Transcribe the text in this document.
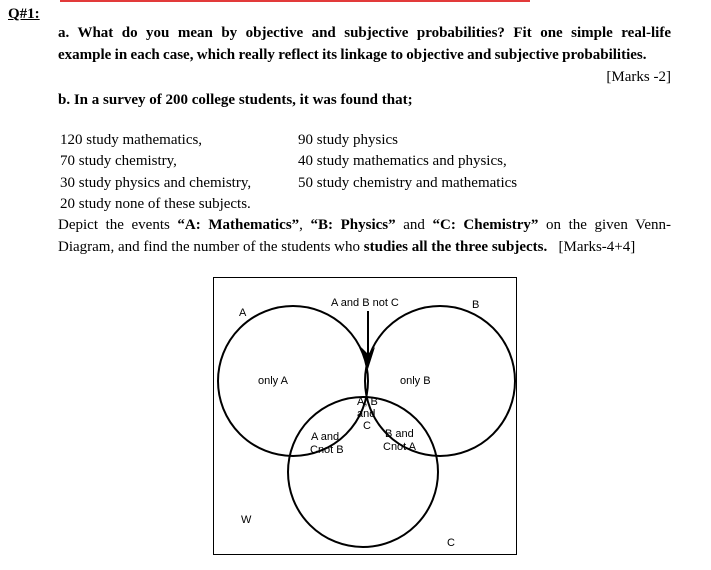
Q#1:
a. What do you mean by objective and subjective probabilities? Fit one simple real-life
example in each case, which really reflect its linkage to objective and subjective probabilities.
[Marks -2]
b. In a survey of 200 college students, it was found that;
120 study mathematics,
70 study chemistry,
30 study physics and chemistry,
20 study none of these subjects.
90 study physics
40 study mathematics and physics,
50 study chemistry and mathematics
Depict the events “A: Mathematics”, “B: Physics” and “C: Chemistry” on the given Venn-
Diagram, and find the number of the students who studies all the three subjects. [Marks-4+4]
A
B
C
W
A and B not C
only A	only B
A, B
and
C
A and
Cnot B
B and
Cnot A
